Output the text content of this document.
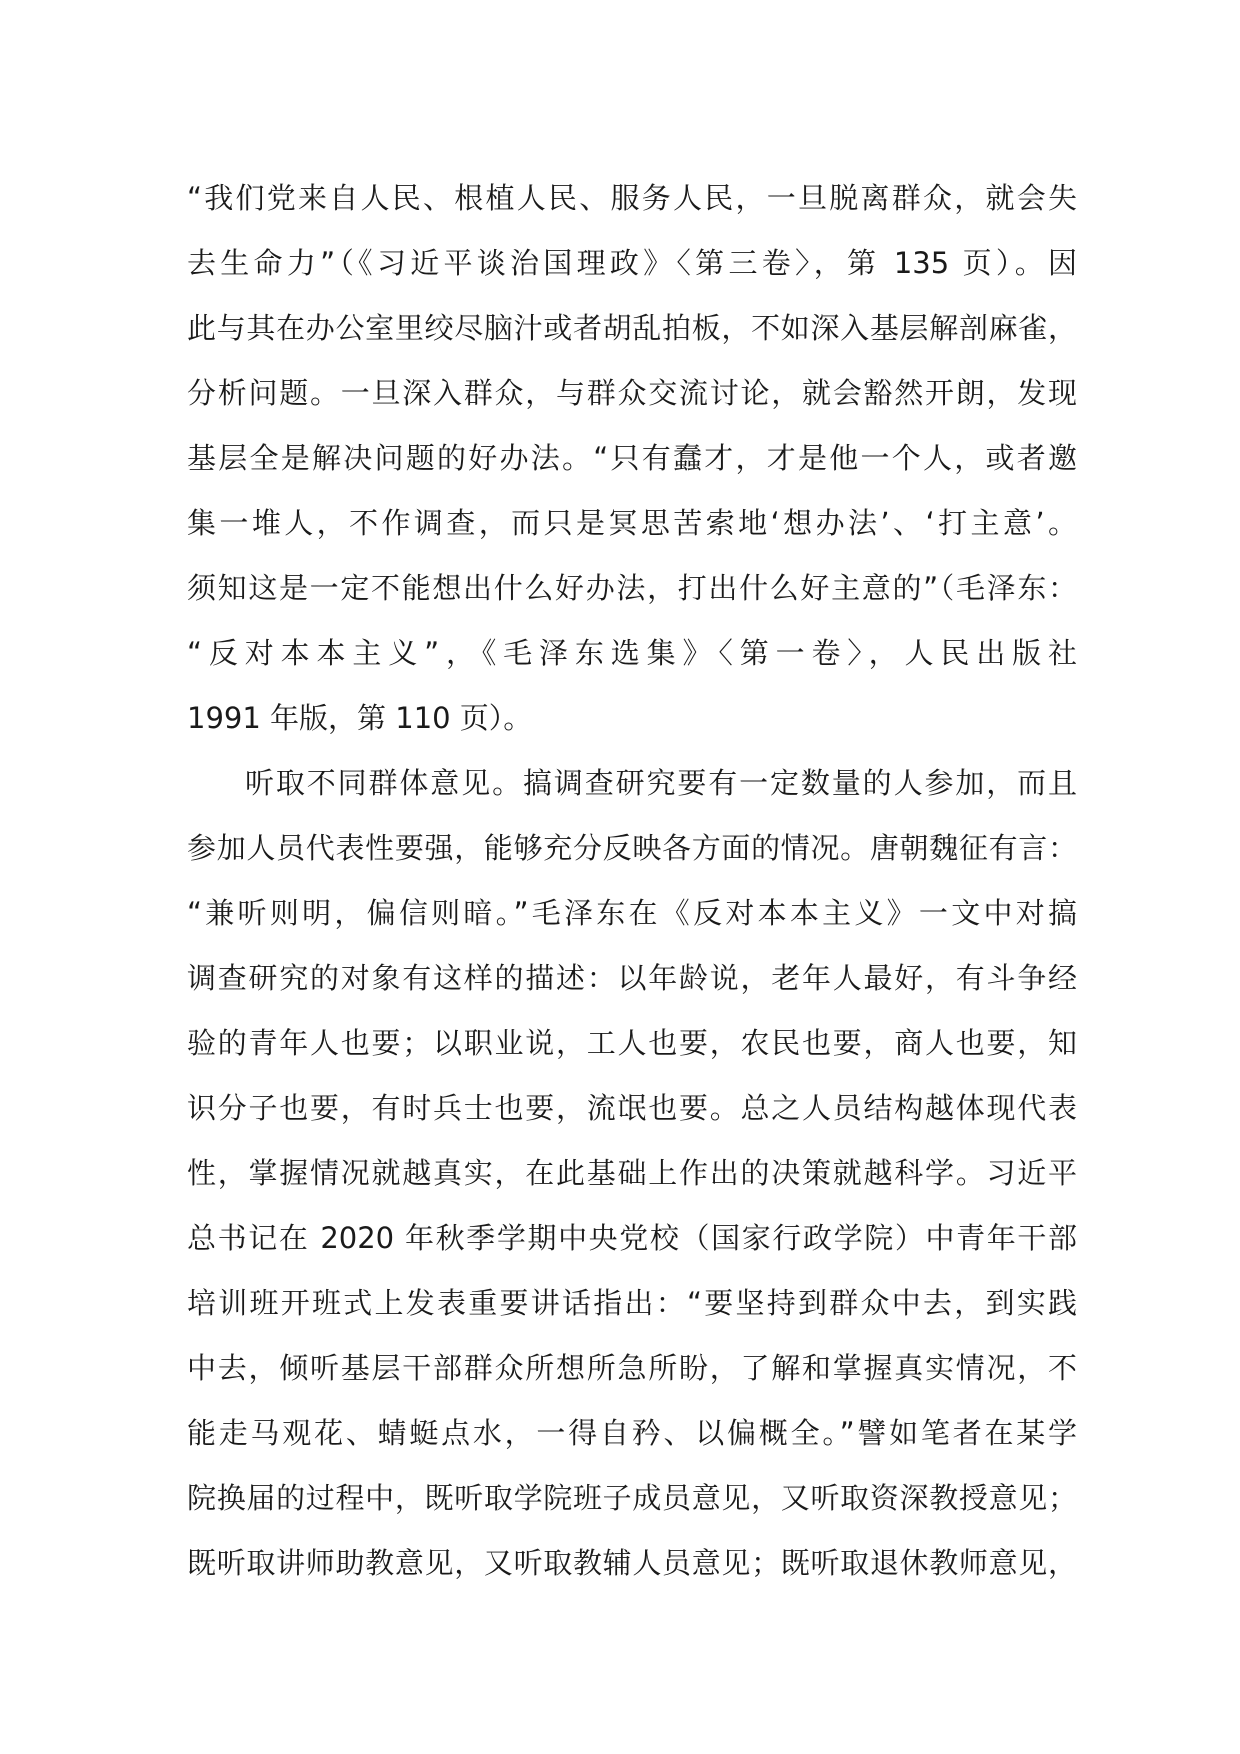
“我们党来自人民、根植人民、服务人民，一旦脱离群众，就会失
去生命力”（《习近平谈治国理政》〈第三卷〉，第 135 页）。因
此与其在办公室里绞尽脑汁或者胡乱拍板，不如深入基层解剖麻雀，
分析问题。一旦深入群众，与群众交流讨论，就会豁然开朗，发现
基层全是解决问题的好办法。“只有蠢才，才是他一个人，或者邀
集一堆人，不作调查，而只是冥思苦索地‘想办法’、‘打主意’。
须知这是一定不能想出什么好办法，打出什么好主意的”（毛泽东：
“反对本本主义”，《毛泽东选集》〈第一卷〉，人民出版社
1991 年版，第 110 页）。
听取不同群体意见。搞调查研究要有一定数量的人参加，而且
参加人员代表性要强，能够充分反映各方面的情况。唐朝魏征有言：
“兼听则明，偏信则暗。”毛泽东在《反对本本主义》一文中对搞
调查研究的对象有这样的描述：以年龄说，老年人最好，有斗争经
验的青年人也要；以职业说，工人也要，农民也要，商人也要，知
识分子也要，有时兵士也要，流氓也要。总之人员结构越体现代表
性，掌握情况就越真实，在此基础上作出的决策就越科学。习近平
总书记在 2020 年秋季学期中央党校（国家行政学院）中青年干部
培训班开班式上发表重要讲话指出：“要坚持到群众中去，到实践
中去，倾听基层干部群众所想所急所盼，了解和掌握真实情况，不
能走马观花、蜻蜓点水，一得自矜、以偏概全。”譬如笔者在某学
院换届的过程中，既听取学院班子成员意见，又听取资深教授意见；
既听取讲师助教意见，又听取教辅人员意见；既听取退休教师意见，
